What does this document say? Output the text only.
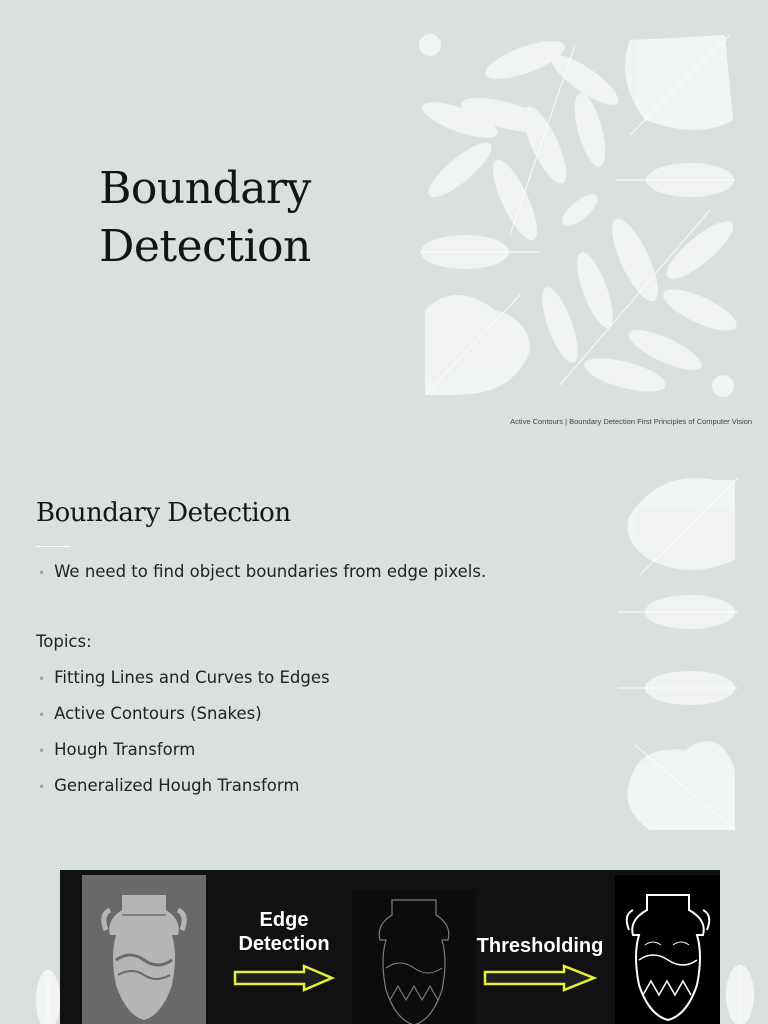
Boundary
Detection
Active Contours | Boundary Detection First Principles of Computer Vision
Boundary Detection
• We need to find object boundaries from edge pixels.
Topics:
• Fitting Lines and Curves to Edges
• Active Contours (Snakes)
• Hough Transform
• Generalized Hough Transform
Edge
Detection	Thresholding
